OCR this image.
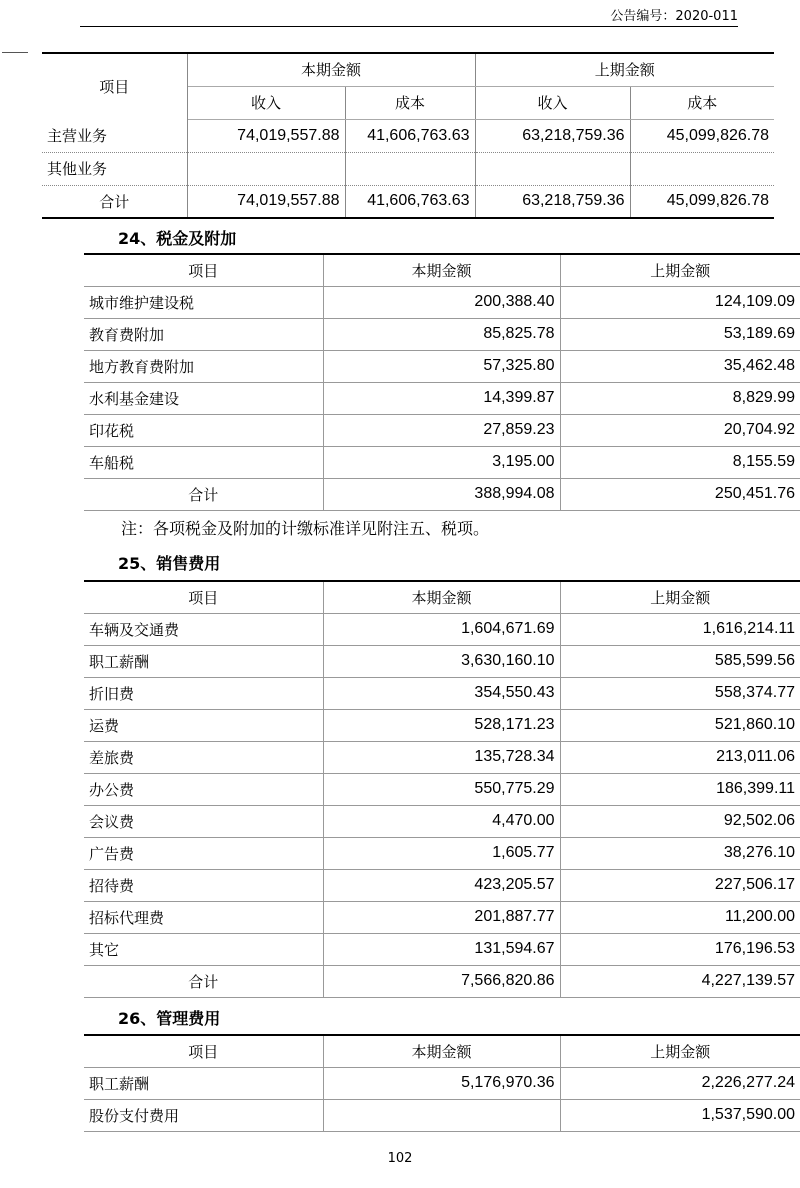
公告编号：2020-011
项目	本期金额		上期金额	
	收入	成本	收入	成本
主营业务	74,019,557.88	41,606,763.63	63,218,759.36	45,099,826.78
其他业务				
合计	74,019,557.88	41,606,763.63	63,218,759.36	45,099,826.78
24、税金及附加
项目	本期金额	上期金额
城市维护建设税	200,388.40	124,109.09
教育费附加	85,825.78	53,189.69
地方教育费附加	57,325.80	35,462.48
水利基金建设	14,399.87	8,829.99
印花税	27,859.23	20,704.92
车船税	3,195.00	8,155.59
合计	388,994.08	250,451.76
注：各项税金及附加的计缴标准详见附注五、税项。
25、销售费用
项目	本期金额	上期金额
车辆及交通费	1,604,671.69	1,616,214.11
职工薪酬	3,630,160.10	585,599.56
折旧费	354,550.43	558,374.77
运费	528,171.23	521,860.10
差旅费	135,728.34	213,011.06
办公费	550,775.29	186,399.11
会议费	4,470.00	92,502.06
广告费	1,605.77	38,276.10
招待费	423,205.57	227,506.17
招标代理费	201,887.77	11,200.00
其它	131,594.67	176,196.53
合计	7,566,820.86	4,227,139.57
26、管理费用
项目	本期金额	上期金额
职工薪酬	5,176,970.36	2,226,277.24
股份支付费用		1,537,590.00
102
